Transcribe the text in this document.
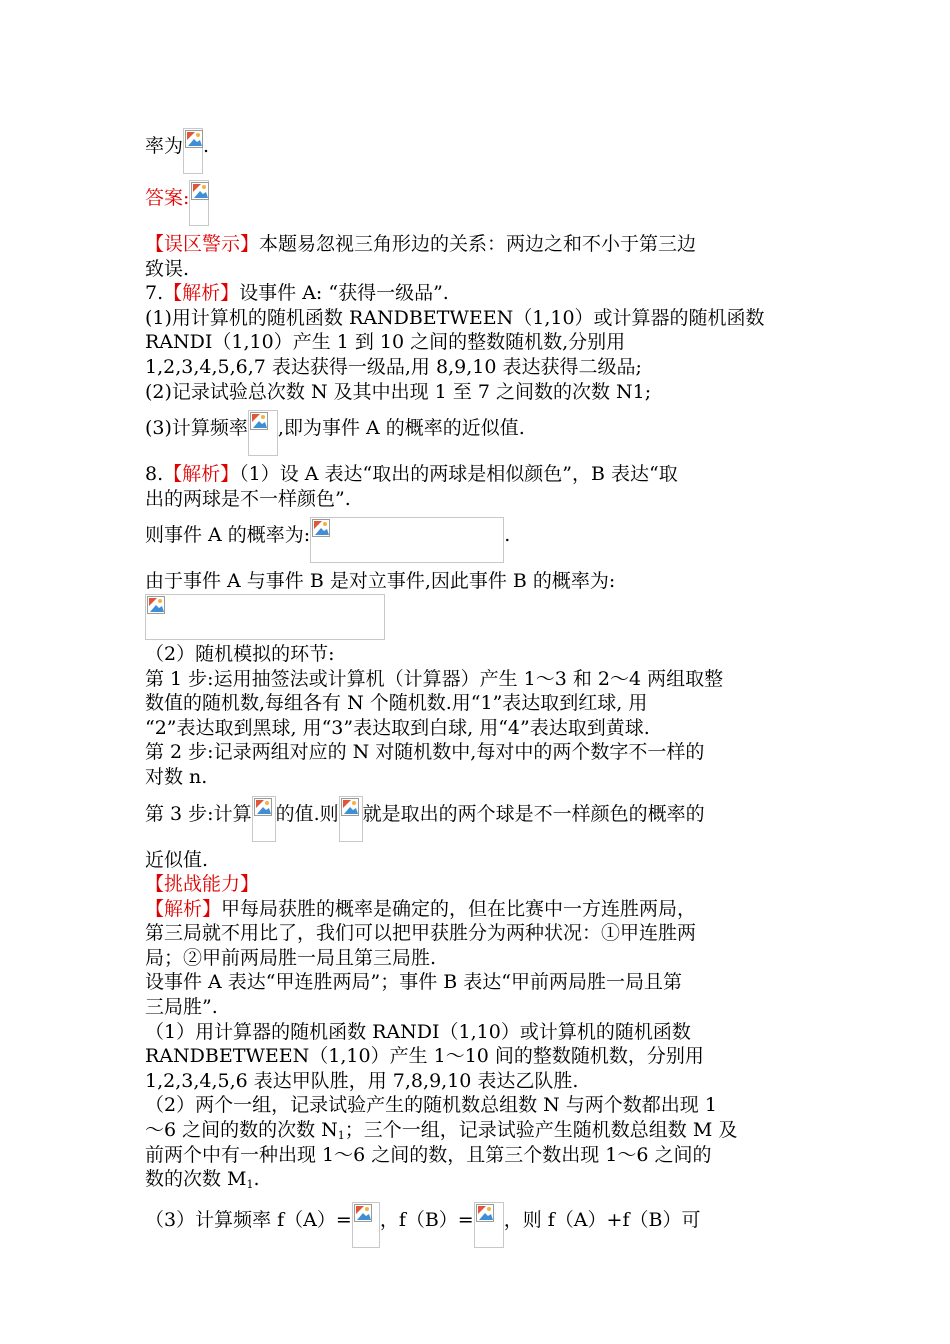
率为 .
答案:
【误区警示】本题易忽视三角形边的关系：两边之和不小于第三边
致误.
7.【解析】设事件 A: “获得一级品”.
(1)用计算机的随机函数 RANDBETWEEN（1,10）或计算器的随机函数
RANDI（1,10）产生 1 到 10 之间的整数随机数,分别用
1,2,3,4,5,6,7 表达获得一级品,用 8,9,10 表达获得二级品;
(2)记录试验总次数 N 及其中出现 1 至 7 之间数的次数 N1;
(3)计算频率 ,即为事件 A 的概率的近似值.
8.【解析】（1）设 A 表达“取出的两球是相似颜色”，B 表达“取
出的两球是不一样颜色”.
则事件 A 的概率为:	.
由于事件 A 与事件 B 是对立事件,因此事件 B 的概率为:
（2）随机模拟的环节:
第 1 步:运用抽签法或计算机（计算器）产生 1～3 和 2～4 两组取整
数值的随机数,每组各有 N 个随机数.用“1”表达取到红球, 用
“2”表达取到黑球, 用“3”表达取到白球, 用“4”表达取到黄球.
第 2 步:记录两组对应的 N 对随机数中,每对中的两个数字不一样的
对数 n.
第 3 步:计算 的值.则 就是取出的两个球是不一样颜色的概率的
近似值.
【挑战能力】
【解析】甲每局获胜的概率是确定的，但在比赛中一方连胜两局，
第三局就不用比了，我们可以把甲获胜分为两种状况：①甲连胜两
局；②甲前两局胜一局且第三局胜.
设事件 A 表达“甲连胜两局”；事件 B 表达“甲前两局胜一局且第
三局胜”.
（1）用计算器的随机函数 RANDI（1,10）或计算机的随机函数
RANDBETWEEN（1,10）产生 1～10 间的整数随机数，分别用
1,2,3,4,5,6 表达甲队胜，用 7,8,9,10 表达乙队胜.
（2）两个一组，记录试验产生的随机数总组数 N 与两个数都出现 1
～6 之间的数的次数 $N_1$；三个一组，记录试验产生随机数总组数 M 及
前两个中有一种出现 1～6 之间的数，且第三个数出现 1～6 之间的
数的次数 $M_1$.
（3）计算频率 f（A）= ，f（B）= ，则 f（A）+f（B）可
